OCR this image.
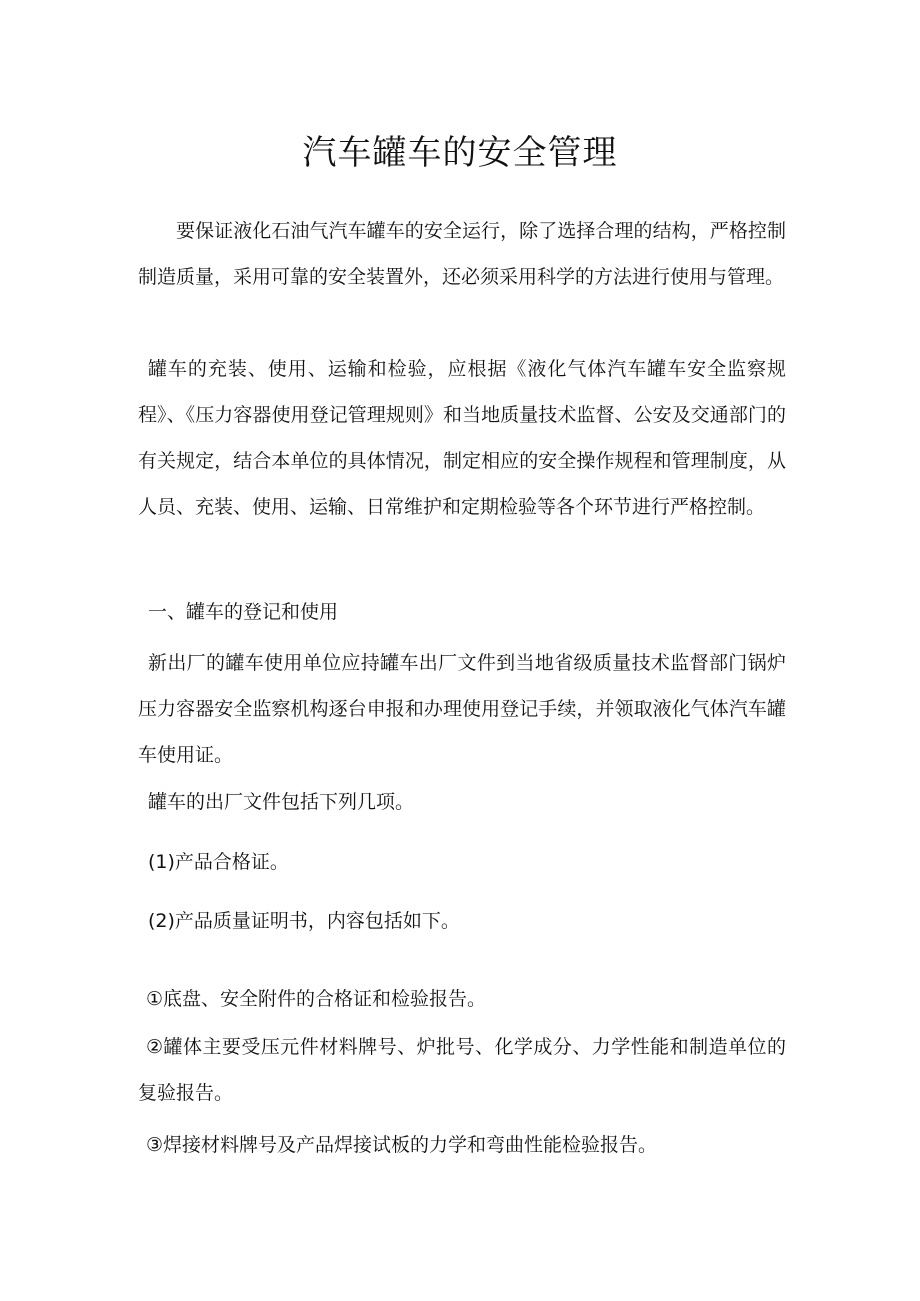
汽车罐车的安全管理

要保证液化石油气汽车罐车的安全运行，除了选择合理的结构，严格控制制造质量，采用可靠的安全装置外，还必须采用科学的方法进行使用与管理。

罐车的充装、使用、运输和检验，应根据《液化气体汽车罐车安全监察规程》、《压力容器使用登记管理规则》和当地质量技术监督、公安及交通部门的有关规定，结合本单位的具体情况，制定相应的安全操作规程和管理制度，从人员、充装、使用、运输、日常维护和定期检验等各个环节进行严格控制。

一、罐车的登记和使用

新出厂的罐车使用单位应持罐车出厂文件到当地省级质量技术监督部门锅炉压力容器安全监察机构逐台申报和办理使用登记手续，并领取液化气体汽车罐车使用证。

罐车的出厂文件包括下列几项。

(1)产品合格证。

(2)产品质量证明书，内容包括如下。

①底盘、安全附件的合格证和检验报告。

②罐体主要受压元件材料牌号、炉批号、化学成分、力学性能和制造单位的复验报告。

③焊接材料牌号及产品焊接试板的力学和弯曲性能检验报告。
